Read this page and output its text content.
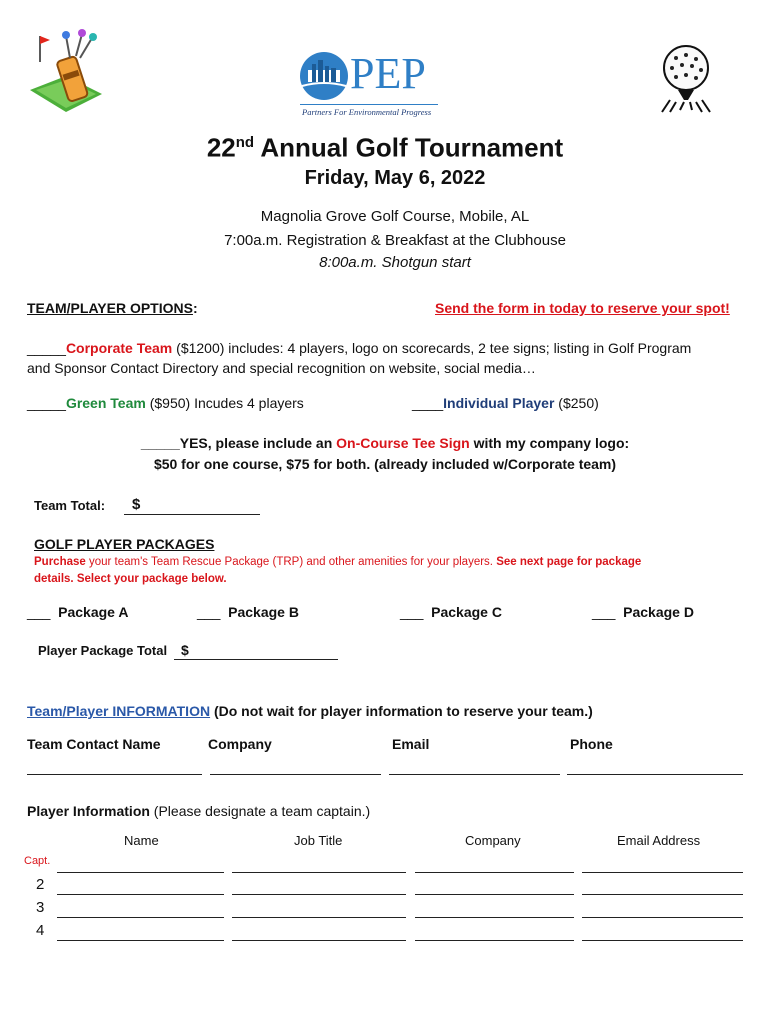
PEP
Partners For Environmental Progress
22nd Annual Golf Tournament
Friday, May 6, 2022
Magnolia Grove Golf Course, Mobile, AL
7:00a.m. Registration & Breakfast at the Clubhouse
8:00a.m. Shotgun start
TEAM/PLAYER OPTIONS:	Send the form in today to reserve your spot!
_____Corporate Team ($1200) includes: 4 players, logo on scorecards, 2 tee signs; listing in Golf Program
and Sponsor Contact Directory and special recognition on website, social media…
_____Green Team ($950) Incudes 4 players	____Individual Player ($250)
_____YES, please include an On-Course Tee Sign with my company logo:
$50 for one course, $75 for both. (already included w/Corporate team)
Team Total: $
GOLF PLAYER PACKAGES
Purchase your team's Team Rescue Package (TRP) and other amenities for your players. See next page for package
details. Select your package below.
___ Package A	___ Package B	___ Package C	___ Package D
Player Package Total $
Team/Player INFORMATION (Do not wait for player information to reserve your team.)
Team Contact Name	Company	Email	Phone
Player Information (Please designate a team captain.)
Name	Job Title	Company	Email Address
Capt.
2
3
4
